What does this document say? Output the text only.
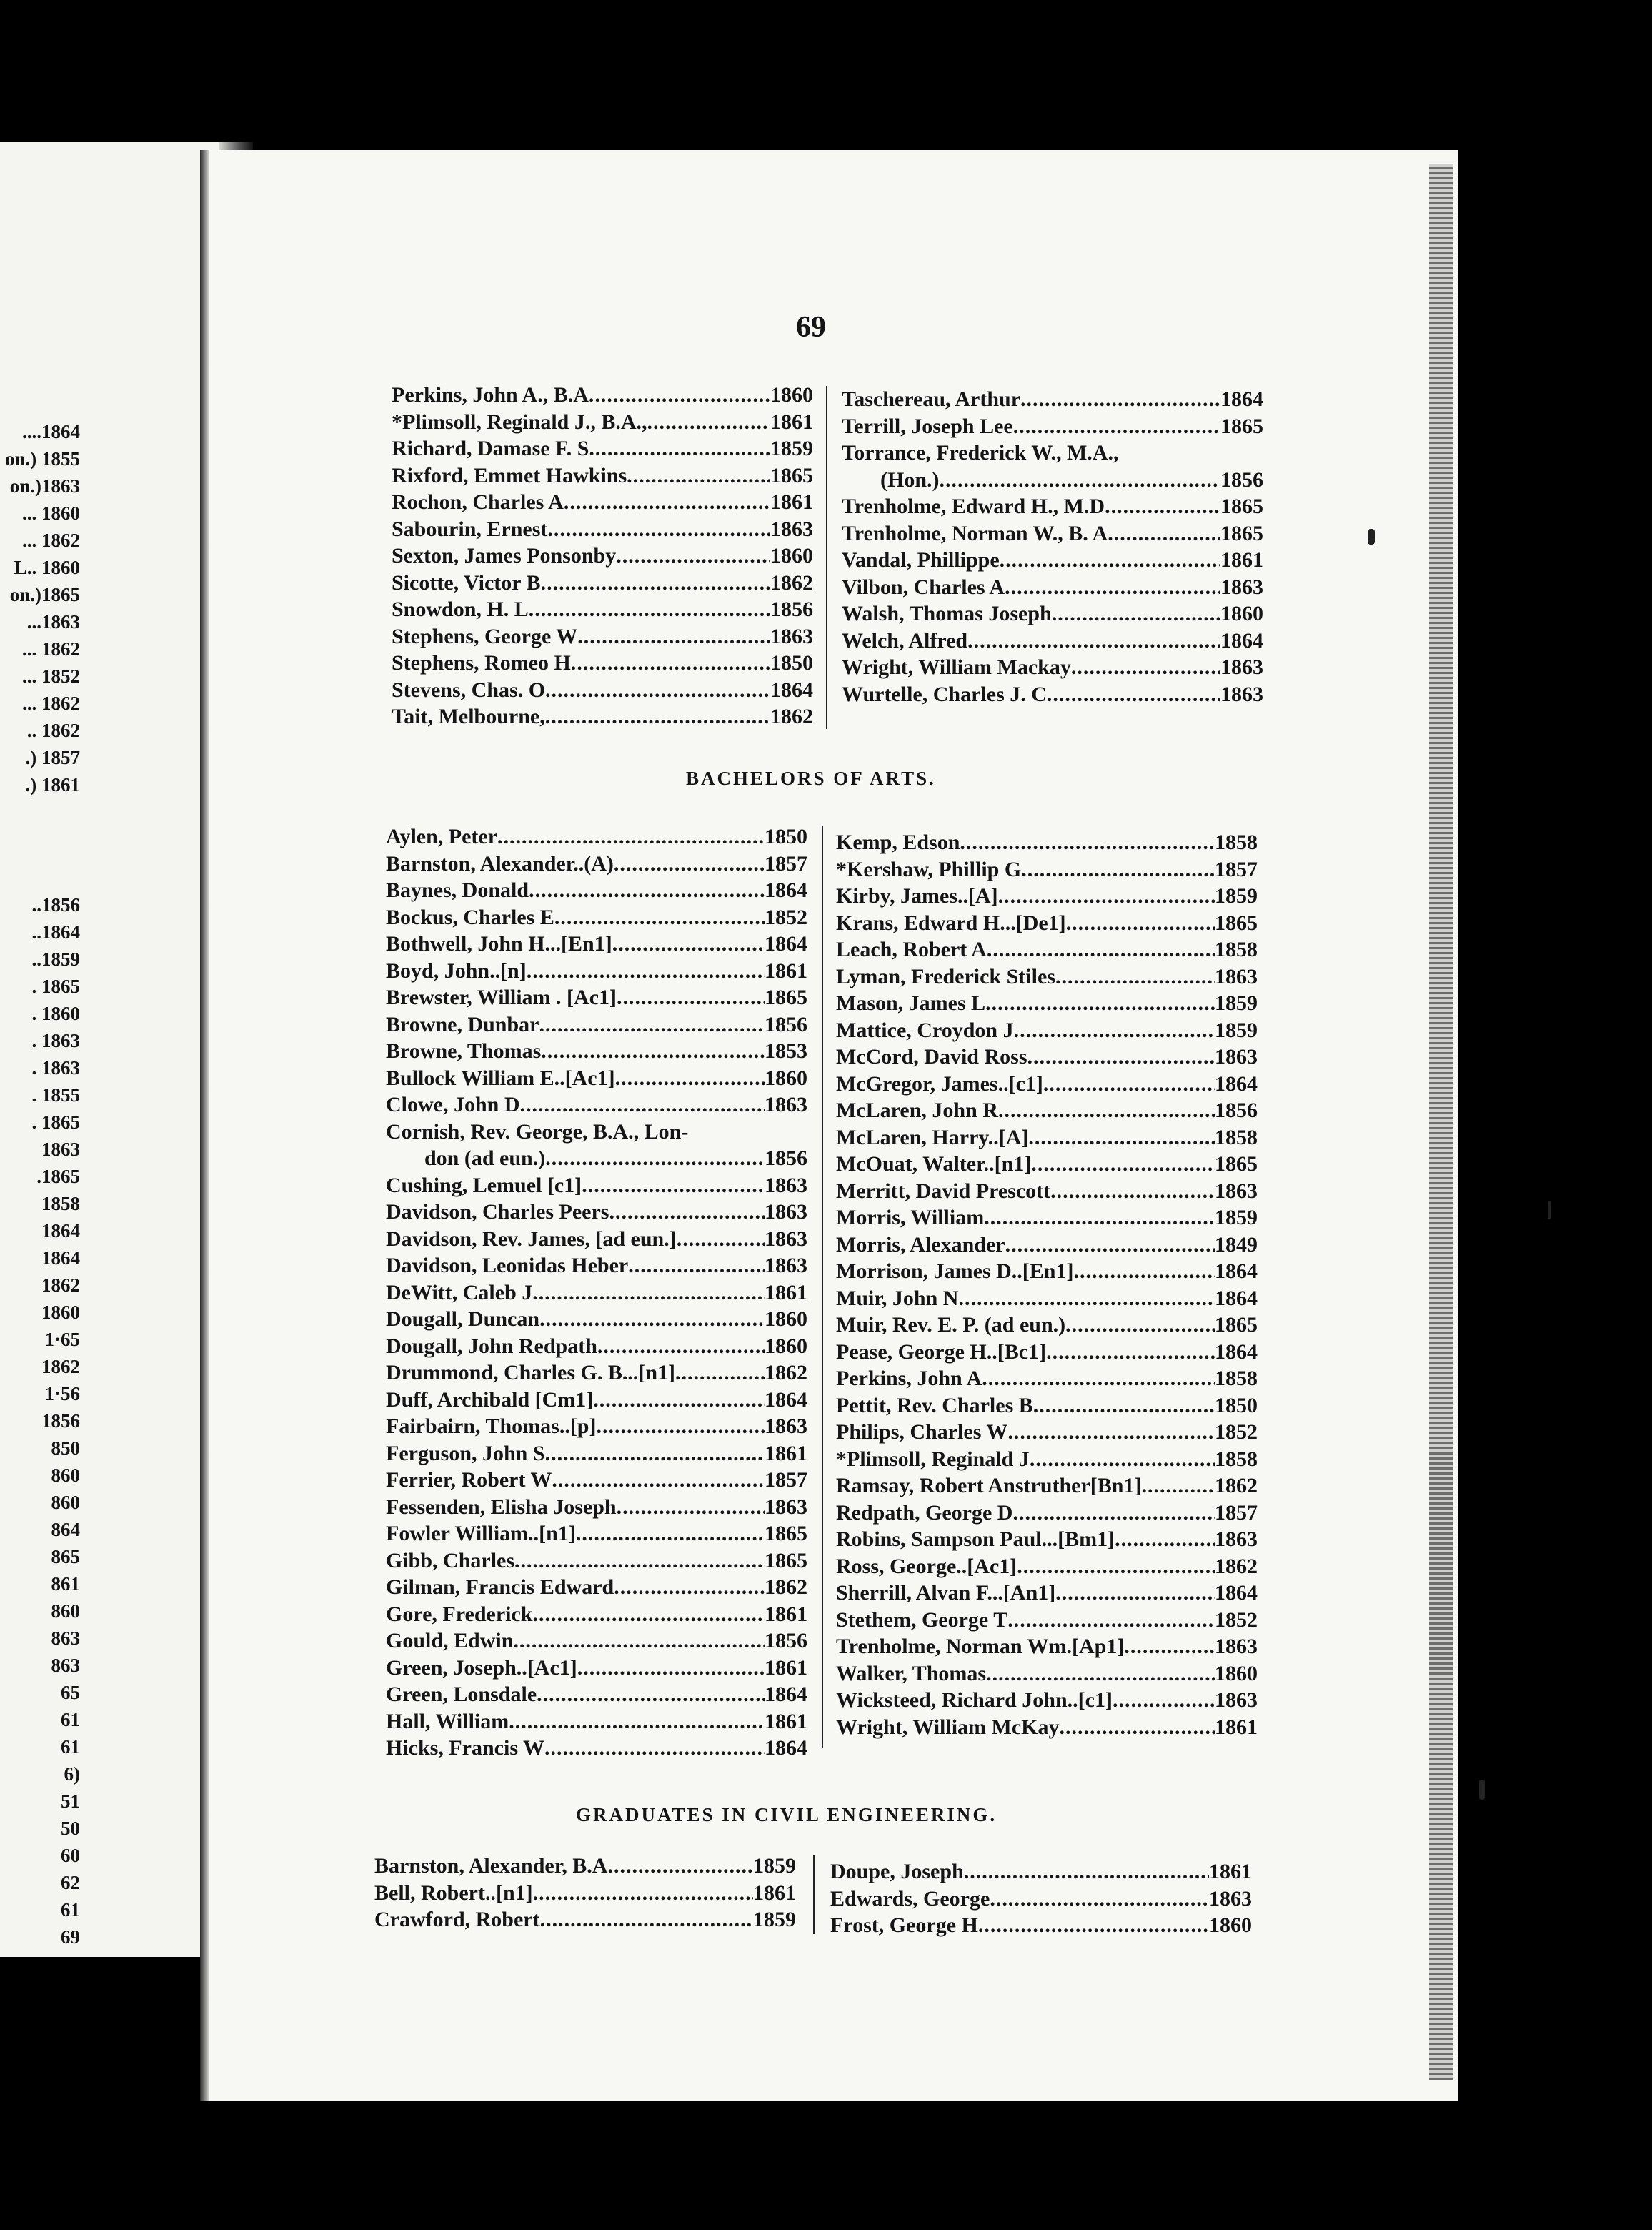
....1864
on.) 1855
on.)1863
... 1860
... 1862
L.. 1860
on.)1865
...1863
... 1862
... 1852
... 1862
.. 1862
.) 1857
.) 1861
..1856
..1864
..1859
. 1865
. 1860
. 1863
. 1863
. 1855
. 1865
1863
.1865
1858
1864
1864
1862
1860
1·65
1862
1·56
1856
850
860
860
864
865
861
860
863
863
65
61
61
6)
51
50
60
62
61
69
69
Perkins, John A., B.A .....	1860
*Plimsoll, Reginald J., B.A., .....	1861
Richard, Damase F. S .....	1859
Rixford, Emmet Hawkins .....	1865
Rochon, Charles A .....	1861
Sabourin, Ernest .....	1863
Sexton, James Ponsonby .....	1860
Sicotte, Victor B .....	1862
Snowdon, H. L .....	1856
Stephens, George W .....	1863
Stephens, Romeo H .....	1850
Stevens, Chas. O .....	1864
Tait, Melbourne, .....	1862
Taschereau, Arthur .....	1864
Terrill, Joseph Lee .....	1865
Torrance, Frederick W., M.A.,
(Hon.) .....	1856
Trenholme, Edward H., M.D .....	1865
Trenholme, Norman W., B. A .....	1865
Vandal, Phillippe .....	1861
Vilbon, Charles A .....	1863
Walsh, Thomas Joseph .....	1860
Welch, Alfred .....	1864
Wright, William Mackay .....	1863
Wurtelle, Charles J. C .....	1863
BACHELORS OF ARTS.
Aylen, Peter .....	1850
Barnston, Alexander..(A) .....	1857
Baynes, Donald .....	1864
Bockus, Charles E .....	1852
Bothwell, John H...[En1] .....	1864
Boyd, John..[n] .....	1861
Brewster, William . [Ac1] .....	1865
Browne, Dunbar .....	1856
Browne, Thomas .....	1853
Bullock William E..[Ac1] .....	1860
Clowe, John D .....	1863
Cornish, Rev. George, B.A., Lon-
don (ad eun.) .....	1856
Cushing, Lemuel [c1] .....	1863
Davidson, Charles Peers .....	1863
Davidson, Rev. James, [ad eun.] .....	1863
Davidson, Leonidas Heber .....	1863
DeWitt, Caleb J .....	1861
Dougall, Duncan .....	1860
Dougall, John Redpath .....	1860
Drummond, Charles G. B...[n1] .....	1862
Duff, Archibald [Cm1] .....	1864
Fairbairn, Thomas..[p] .....	1863
Ferguson, John S .....	1861
Ferrier, Robert W .....	1857
Fessenden, Elisha Joseph .....	1863
Fowler William..[n1] .....	1865
Gibb, Charles .....	1865
Gilman, Francis Edward .....	1862
Gore, Frederick .....	1861
Gould, Edwin .....	1856
Green, Joseph..[Ac1] .....	1861
Green, Lonsdale .....	1864
Hall, William .....	1861
Hicks, Francis W .....	1864
Kemp, Edson .....	1858
*Kershaw, Phillip G .....	1857
Kirby, James..[A] .....	1859
Krans, Edward H...[De1] .....	1865
Leach, Robert A .....	1858
Lyman, Frederick Stiles .....	1863
Mason, James L .....	1859
Mattice, Croydon J .....	1859
McCord, David Ross .....	1863
McGregor, James..[c1] .....	1864
McLaren, John R .....	1856
McLaren, Harry..[A] .....	1858
McOuat, Walter..[n1] .....	1865
Merritt, David Prescott .....	1863
Morris, William .....	1859
Morris, Alexander .....	1849
Morrison, James D..[En1] .....	1864
Muir, John N .....	1864
Muir, Rev. E. P. (ad eun.) .....	1865
Pease, George H..[Bc1] .....	1864
Perkins, John A .....	1858
Pettit, Rev. Charles B .....	1850
Philips, Charles W .....	1852
*Plimsoll, Reginald J .....	1858
Ramsay, Robert Anstruther[Bn1] .....	1862
Redpath, George D .....	1857
Robins, Sampson Paul...[Bm1] .....	1863
Ross, George..[Ac1] .....	1862
Sherrill, Alvan F...[An1] .....	1864
Stethem, George T .....	1852
Trenholme, Norman Wm.[Ap1] .....	1863
Walker, Thomas .....	1860
Wicksteed, Richard John..[c1] .....	1863
Wright, William McKay .....	1861
GRADUATES IN CIVIL ENGINEERING.
Barnston, Alexander, B.A .....	1859
Bell, Robert..[n1] .....	1861
Crawford, Robert .....	1859
Doupe, Joseph .....	1861
Edwards, George .....	1863
Frost, George H .....	1860
